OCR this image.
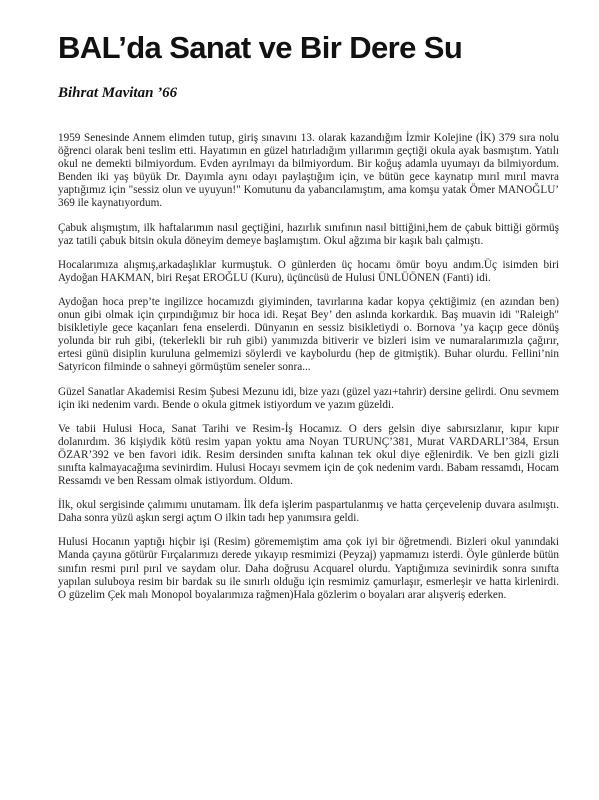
BAL’da Sanat ve Bir Dere Su
Bihrat Mavitan ’66

1959 Senesinde Annem elimden tutup, giriş sınavını 13. olarak kazandığım İzmir Kolejine (İK) 379 sıra nolu öğrenci olarak beni teslim etti. Hayatımın en güzel hatırladığım yıllarımın geçtiği okula ayak basmıştım. Yatılı okul ne demekti bilmiyordum. Evden ayrılmayı da bilmiyordum. Bir koğuş adamla uyumayı da bilmiyordum. Benden iki yaş büyük Dr. Dayımla aynı odayı paylaştığım için, ve bütün gece kaynatıp mırıl mırıl mavra yaptığımız için "sessiz olun ve uyuyun!" Komutunu da yabancılamıştım, ama komşu yatak Ömer MANOĞLU’ 369 ile kaynatıyordum.

Çabuk alışmıştım, ilk haftalarımın nasıl geçtiğini, hazırlık sınıfının nasıl bittiğini,hem de çabuk bittiği görmüş yaz tatili çabuk bitsin okula döneyim demeye başlamıştım. Okul ağzıma bir kaşık balı çalmıştı.

Hocalarımıza alışmış,arkadaşlıklar kurmuştuk. O günlerden üç hocamı ömür boyu andım.Üç isimden biri Aydoğan HAKMAN, biri Reşat EROĞLU (Kuru), üçüncüsü de Hulusi ÜNLÜÖNEN (Fanti) idi.

Aydoğan hoca prep’te ingilizce hocamızdı giyiminden, tavırlarına kadar kopya çektiğimiz (en azından ben) onun gibi olmak için çırpındığımız bir hoca idi. Reşat Bey’ den aslında korkardık. Baş muavin idi "Raleigh" bisikletiyle gece kaçanları fena enselerdi. Dünyanın en sessiz bisikletiydi o. Bornova ’ya kaçıp gece dönüş yolunda bir ruh gibi, (tekerlekli bir ruh gibi) yanımızda bitiverir ve bizleri isim ve numaralarımızla çağırır, ertesi günü disiplin kuruluna gelmemizi söylerdi ve kaybolurdu (hep de gitmiştik). Buhar olurdu. Fellini’nin Satyricon filminde o sahneyi görmüştüm seneler sonra...

Güzel Sanatlar Akademisi Resim Şubesi Mezunu idi, bize yazı (güzel yazı+tahrir) dersine gelirdi. Onu sevmem için iki nedenim vardı. Bende o okula gitmek istiyordum ve yazım güzeldi.

Ve tabii Hulusi Hoca, Sanat Tarihi ve Resim-İş Hocamız. O ders gelsin diye sabırsızlanır, kıpır kıpır dolanırdım. 36 kişiydik kötü resim yapan yoktu ama Noyan TURUNÇ’381, Murat VARDARLI’384, Ersun ÖZAR’392 ve ben favori idik. Resim dersinden sınıfta kalınan tek okul diye eğlenirdik. Ve ben gizli gizli sınıfta kalmayacağıma sevinirdim. Hulusi Hocayı sevmem için de çok nedenim vardı. Babam ressamdı, Hocam Ressamdı ve ben Ressam olmak istiyordum. Oldum.

İlk, okul sergisinde çalımımı unutamam. İlk defa işlerim paspartulanmış ve hatta çerçevelenip duvara asılmıştı. Daha sonra yüzü aşkın sergi açtım O ilkin tadı hep yanımsıra geldi.

Hulusi Hocanın yaptığı hiçbir işi (Resim) görememiştim ama çok iyi bir öğretmendi. Bizleri okul yanındaki Manda çayına götürür Fırçalarımızı derede yıkayıp resmimizi (Peyzaj) yapmamızı isterdi. Öyle günlerde bütün sınıfın resmi pırıl pırıl ve saydam olur. Daha doğrusu Acquarel olurdu. Yaptığımıza sevinirdik sonra sınıfta yapılan suluboya resim bir bardak su ile sınırlı olduğu için resmimiz çamurlaşır, esmerleşir ve hatta kirlenirdi. O güzelim Çek malı Monopol boyalarımıza rağmen)Hala gözlerim o boyaları arar alışveriş ederken.
